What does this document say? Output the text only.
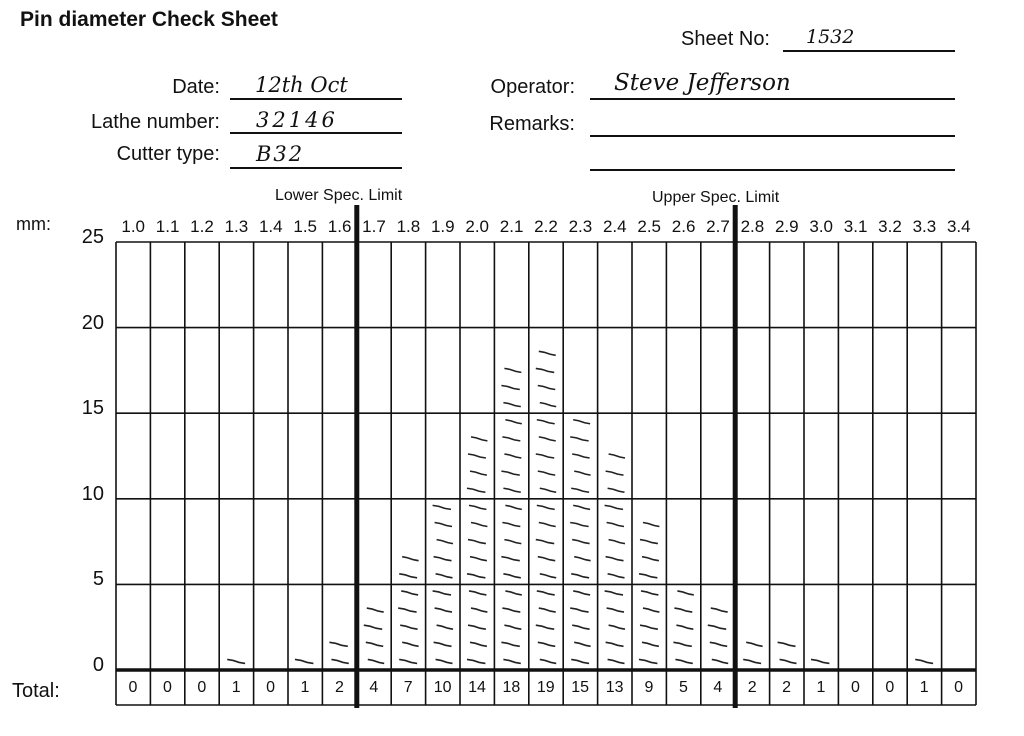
Pin diameter Check Sheet
Sheet No: 1532
Date: 12th Oct
Lathe number: 32146
Cutter type: B32
Operator: Steve Jefferson
Remarks:
Lower Spec. Limit	Upper Spec. Limit
mm:
Total:
0
5
10
15
20
25	1.0 1.1 1.2 1.3 1.4 1.5 1.6 1.7 1.8 1.9 2.0 2.1 2.2 2.3 2.4 2.5 2.6 2.7 2.8 2.9 3.0 3.1 3.2 3.3 3.4
0	0	0	1	0	1	2	4	7	10	14	18	19	15	13	9	5	4	2	2	1	0	0	1	0
